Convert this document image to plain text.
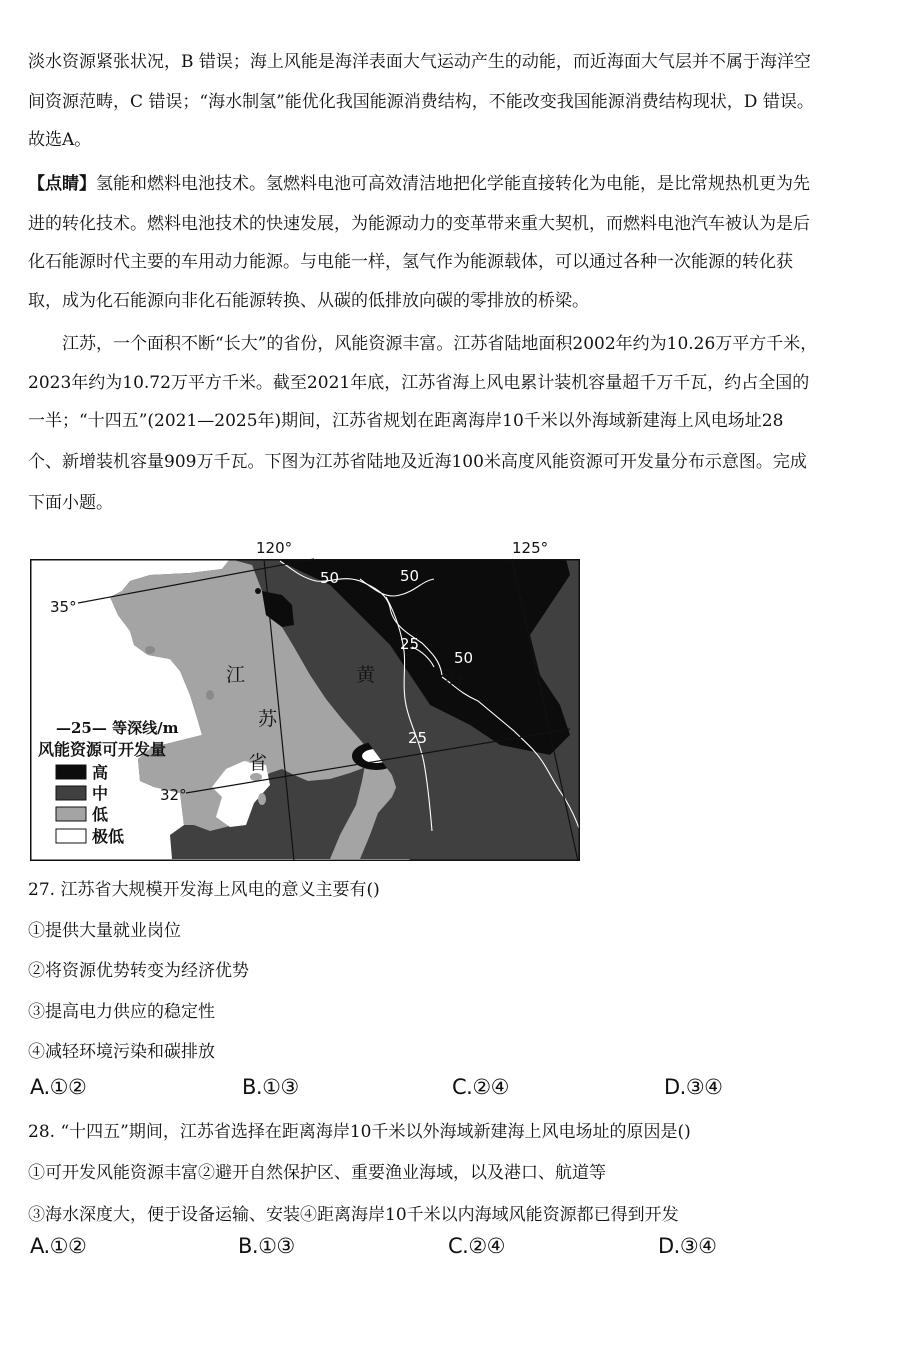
淡水资源紧张状况，B 错误；海上风能是海洋表面大气运动产生的动能，而近海面大气层并不属于海洋空
间资源范畴，C 错误；“海水制氢”能优化我国能源消费结构，不能改变我国能源消费结构现状，D 错误。
故选A。
【点睛】氢能和燃料电池技术。氢燃料电池可高效清洁地把化学能直接转化为电能，是比常规热机更为先
进的转化技术。燃料电池技术的快速发展，为能源动力的变革带来重大契机，而燃料电池汽车被认为是后
化石能源时代主要的车用动力能源。与电能一样，氢气作为能源载体，可以通过各种一次能源的转化获
取，成为化石能源向非化石能源转换、从碳的低排放向碳的零排放的桥梁。
江苏，一个面积不断“长大”的省份，风能资源丰富。江苏省陆地面积2002年约为10.26万平方千米，
2023年约为10.72万平方千米。截至2021年底，江苏省海上风电累计装机容量超千万千瓦，约占全国的
一半；“十四五”(2021—2025年)期间，江苏省规划在距离海岸10千米以外海域新建海上风电场址28
个、新增装机容量909万千瓦。下图为江苏省陆地及近海100米高度风能资源可开发量分布示意图。完成
下面小题。
120°	125°
35°
32°
江
苏
省
黄	海
50	50
25
50
25
—25— 等深线/m
风能资源可开发量
高
中
低
极低
27. 江苏省大规模开发海上风电的意义主要有()
①提供大量就业岗位
②将资源优势转变为经济优势
③提高电力供应的稳定性
④减轻环境污染和碳排放
A.①②	B.①③	C.②④	D.③④
28. “十四五”期间，江苏省选择在距离海岸10千米以外海域新建海上风电场址的原因是()
①可开发风能资源丰富②避开自然保护区、重要渔业海域，以及港口、航道等
③海水深度大，便于设备运输、安装④距离海岸10千米以内海域风能资源都已得到开发
A.①②	B.①③	C.②④	D.③④
